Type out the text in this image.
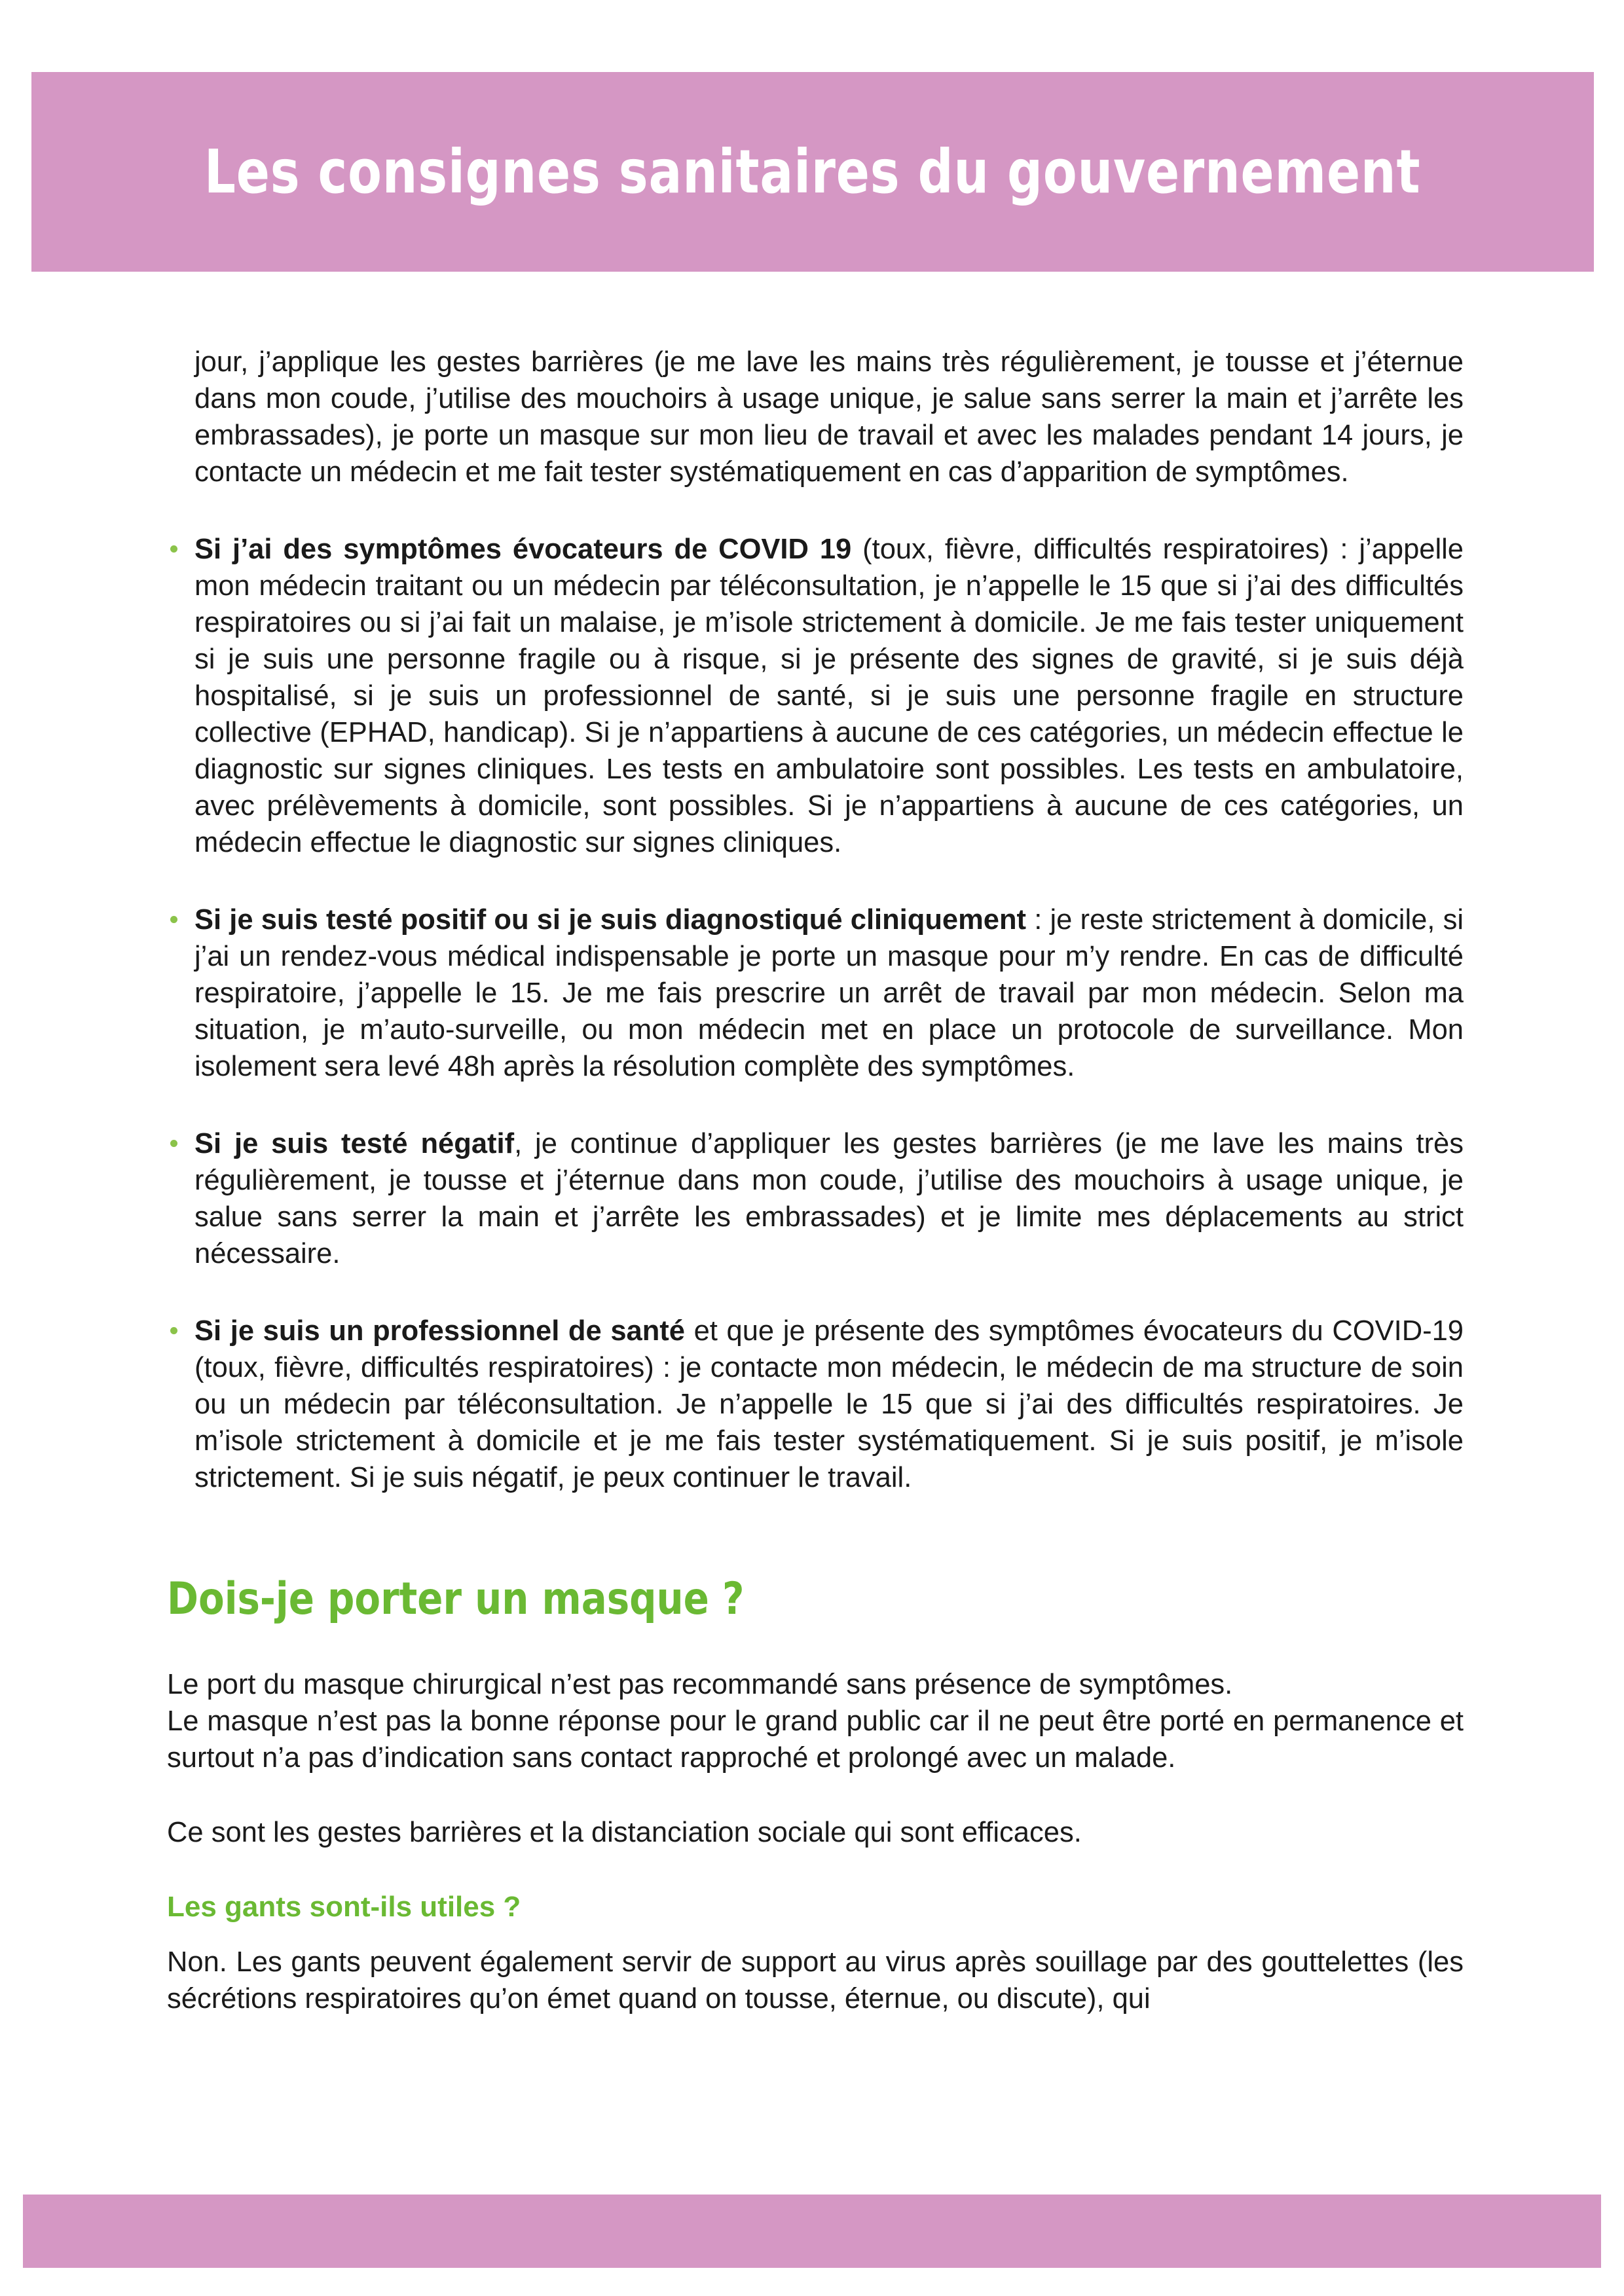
Les consignes sanitaires du gouvernement
jour, j’applique les gestes barrières (je me lave les mains très régulièrement, je tousse et j’éternue dans mon coude, j’utilise des mouchoirs à usage unique, je salue sans serrer la main et j’arrête les embrassades), je porte un masque sur mon lieu de travail et avec les malades pendant 14 jours, je contacte un médecin et me fait tester systématiquement en cas d’apparition de symptômes.
Si j’ai des symptômes évocateurs de COVID 19 (toux, fièvre, difficultés respiratoires) : j’appelle mon médecin traitant ou un médecin par téléconsultation, je n’appelle le 15 que si j’ai des difficultés respiratoires ou si j’ai fait un malaise, je m’isole strictement à domicile. Je me fais tester uniquement si je suis une personne fragile ou à risque, si je présente des signes de gravité, si je suis déjà hospitalisé, si je suis un professionnel de santé, si je suis une personne fragile en structure collective (EPHAD, handicap). Si je n’appartiens à aucune de ces catégories, un médecin effectue le diagnostic sur signes cliniques. Les tests en ambulatoire sont possibles. Les tests en ambulatoire, avec prélèvements à domicile, sont possibles. Si je n’appartiens à aucune de ces catégories, un médecin effectue le diagnostic sur signes cliniques.
Si je suis testé positif ou si je suis diagnostiqué cliniquement : je reste strictement à domicile, si j’ai un rendez-vous médical indispensable je porte un masque pour m’y rendre. En cas de difficulté respiratoire, j’appelle le 15. Je me fais prescrire un arrêt de travail par mon médecin. Selon ma situation, je m’auto-surveille, ou mon médecin met en place un protocole de surveillance. Mon isolement sera levé 48h après la résolution complète des symptômes.
Si je suis testé négatif, je continue d’appliquer les gestes barrières (je me lave les mains très régulièrement, je tousse et j’éternue dans mon coude, j’utilise des mouchoirs à usage unique, je salue sans serrer la main et j’arrête les embrassades) et je limite mes déplacements au strict nécessaire.
Si je suis un professionnel de santé et que je présente des symptômes évocateurs du COVID-19 (toux, fièvre, difficultés respiratoires) : je contacte mon médecin, le médecin de ma structure de soin ou un médecin par téléconsultation. Je n’appelle le 15 que si j’ai des difficultés respiratoires. Je m’isole strictement à domicile et je me fais tester systématiquement. Si je suis positif, je m’isole strictement. Si je suis négatif, je peux continuer le travail.
Dois-je porter un masque ?
Le port du masque chirurgical n’est pas recommandé sans présence de symptômes.
Le masque n’est pas la bonne réponse pour le grand public car il ne peut être porté en permanence et surtout n’a pas d’indication sans contact rapproché et prolongé avec un malade.
Ce sont les gestes barrières et la distanciation sociale qui sont efficaces.
Les gants sont-ils utiles ?
Non. Les gants peuvent également servir de support au virus après souillage par des gouttelettes (les sécrétions respiratoires qu’on émet quand on tousse, éternue, ou discute), qui
